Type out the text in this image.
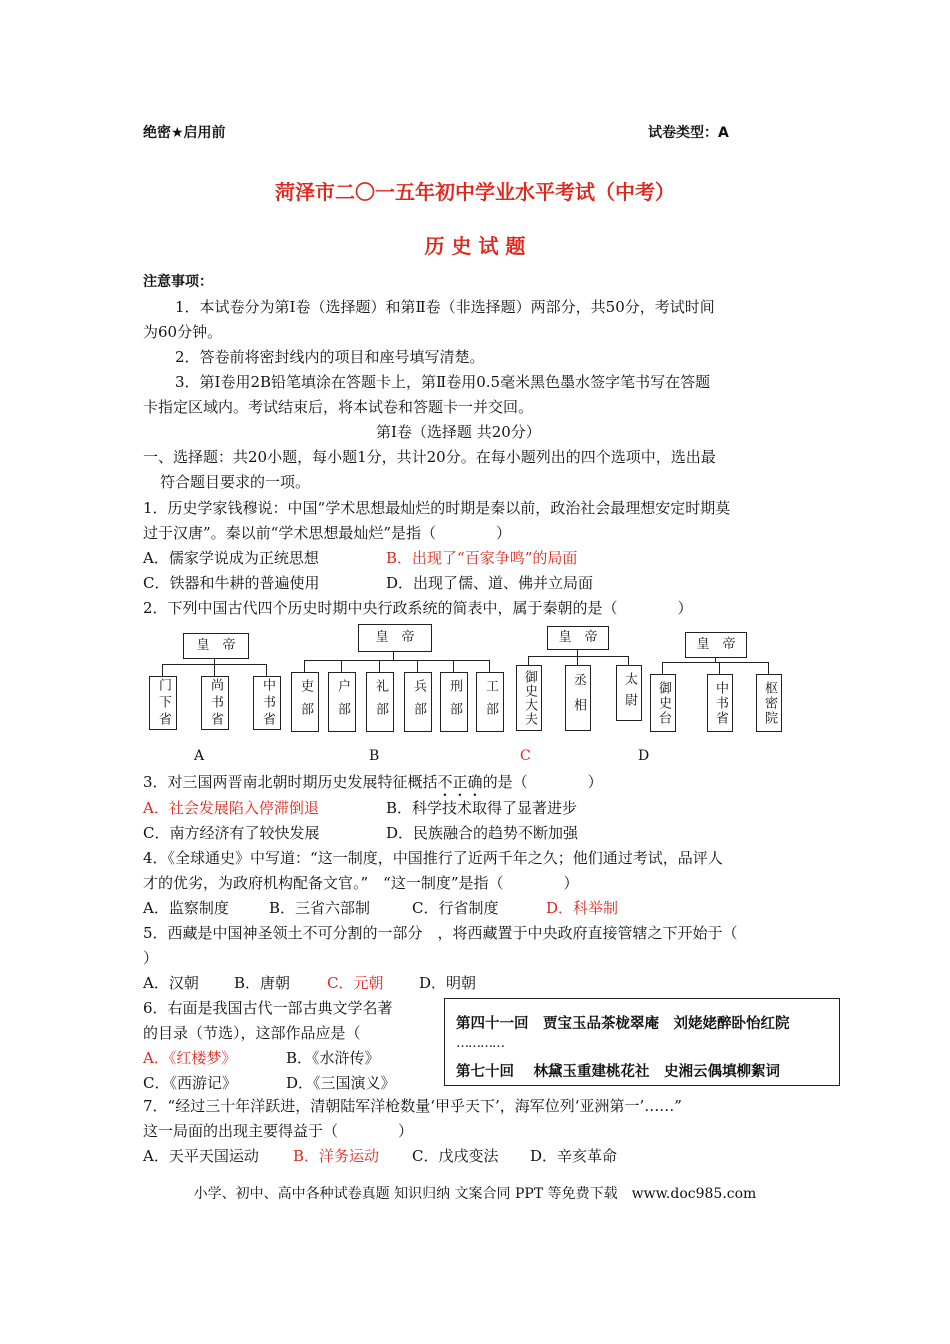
绝密★启用前	试卷类型：A
菏泽市二〇一五年初中学业水平考试（中考）
历 史 试 题
注意事项：
1．本试卷分为第Ⅰ卷（选择题）和第Ⅱ卷（非选择题）两部分，共50分，考试时间
为60分钟。
2．答卷前将密封线内的项目和座号填写清楚。
3．第Ⅰ卷用2B铅笔填涂在答题卡上，第Ⅱ卷用0.5毫米黑色墨水签字笔书写在答题
卡指定区域内。考试结束后，将本试卷和答题卡一并交回。
第Ⅰ卷（选择题 共20分）
一、选择题：共20小题，每小题1分，共计20分。在每小题列出的四个选项中，选出最
符合题目要求的一项。
1．历史学家钱穆说：中国“学术思想最灿烂的时期是秦以前，政治社会最理想安定时期莫
过于汉唐”。秦以前“学术思想最灿烂”是指（　　　　）
A．儒家学说成为正统思想	B．出现了“百家争鸣”的局面
C．铁器和牛耕的普遍使用	D．出现了儒、道、佛并立局面
2．下列中国古代四个历史时期中央行政系统的简表中，属于秦朝的是（　　　　）
皇　帝
门下省	尚书省	中书省
A
皇　帝
吏部 户部 礼部 兵部 刑部 工部
B
皇　帝
御史大夫	丞相	太尉
C
皇　帝
御史台	中书省	枢密院
D
3．对三国两晋南北朝时期历史发展特征概括不正确的是（　　　　）
A．社会发展陷入停滞倒退	B．科学技术取得了显著进步
C．南方经济有了较快发展	D．民族融合的趋势不断加强
4．《全球通史》中写道：“这一制度，中国推行了近两千年之久；他们通过考试，品评人
才的优劣，为政府机构配备文官。”　“这一制度”是指（　　　　）
A．监察制度	B．三省六部制	C．行省制度	D．科举制
5．西藏是中国神圣领土不可分割的一部分　，将西藏置于中央政府直接管辖之下开始于（
）
A．汉朝 B．唐朝 C．元朝 D．明朝
6．右面是我国古代一部古典文学名著
的目录（节选），这部作品应是（
A．《红楼梦》	B．《水浒传》
C．《西游记》	D．《三国演义》
第四十一回　贾宝玉品茶栊翠庵　刘姥姥醉卧怡红院
…………
第七十回　 林黛玉重建桃花社　史湘云偶填柳絮词
7．“经过三十年洋跃进，清朝陆军洋枪数量‘甲乎天下’，海军位列‘亚洲第一’……”
这一局面的出现主要得益于（　　　　）
A．天平天国运动 B．洋务运动 C．戊戌变法 D．辛亥革命
小学、初中、高中各种试卷真题 知识归纳 文案合同 PPT 等免费下载　www.doc985.com
